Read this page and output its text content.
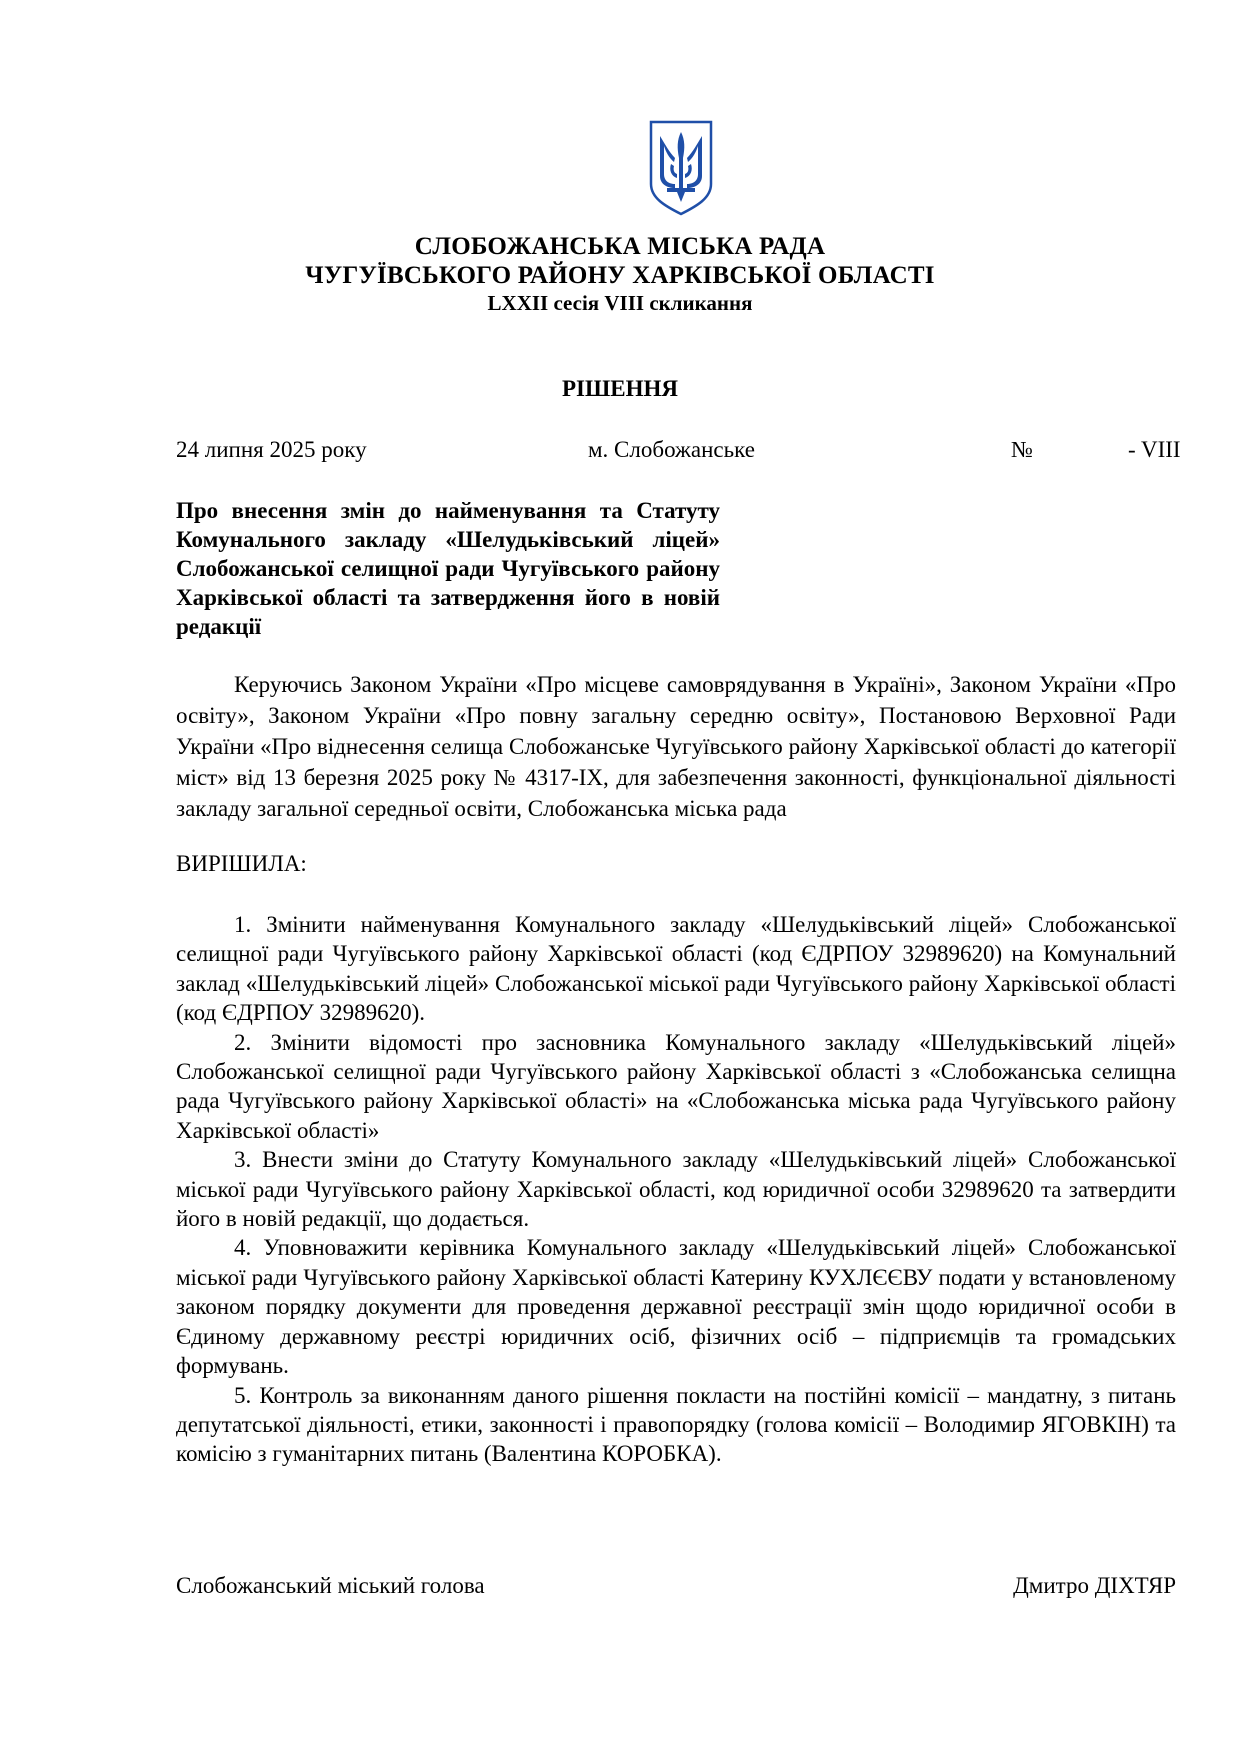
СЛОБОЖАНСЬКА МІСЬКА РАДА
ЧУГУЇВСЬКОГО РАЙОНУ ХАРКІВСЬКОЇ ОБЛАСТІ
LXXII сесія VIII скликання
РІШЕННЯ
24 липня 2025 року	м. Слобожанське	№	- VIII
Про внесення змін до найменування та Статуту Комунального закладу «Шелудьківський ліцей» Слобожанської селищної ради Чугуївського району Харківської області та затвердження його в новій редакції
Керуючись Законом України «Про місцеве самоврядування в Україні», Законом України «Про освіту», Законом України «Про повну загальну середню освіту», Постановою Верховної Ради України «Про віднесення селища Слобожанське Чугуївського району Харківської області до категорії міст» від 13 березня 2025 року № 4317-IX, для забезпечення законності, функціональної діяльності закладу загальної середньої освіти, Слобожанська міська рада
ВИРІШИЛА:

1. Змінити найменування Комунального закладу «Шелудьківський ліцей» Слобожанської селищної ради Чугуївського району Харківської області (код ЄДРПОУ 32989620) на Комунальний заклад «Шелудьківський ліцей» Слобожанської міської ради Чугуївського району Харківської області (код ЄДРПОУ 32989620).

2. Змінити відомості про засновника Комунального закладу «Шелудьківський ліцей» Слобожанської селищної ради Чугуївського району Харківської області з «Слобожанська селищна рада Чугуївського району Харківської області» на «Слобожанська міська рада Чугуївського району Харківської області»

3. Внести зміни до Статуту Комунального закладу «Шелудьківський ліцей» Слобожанської міської ради Чугуївського району Харківської області, код юридичної особи 32989620 та затвердити його в новій редакції, що додається.

4. Уповноважити керівника Комунального закладу «Шелудьківський ліцей» Слобожанської міської ради Чугуївського району Харківської області Катерину КУХЛЄЄВУ подати у встановленому законом порядку документи для проведення державної реєстрації змін щодо юридичної особи в Єдиному державному реєстрі юридичних осіб, фізичних осіб – підприємців та громадських формувань.

5. Контроль за виконанням даного рішення покласти на постійні комісії – мандатну, з питань депутатської діяльності, етики, законності і правопорядку (голова комісії – Володимир ЯГОВКІН) та комісію з гуманітарних питань (Валентина КОРОБКА).

Слобожанський міський голова	Дмитро ДІХТЯР
